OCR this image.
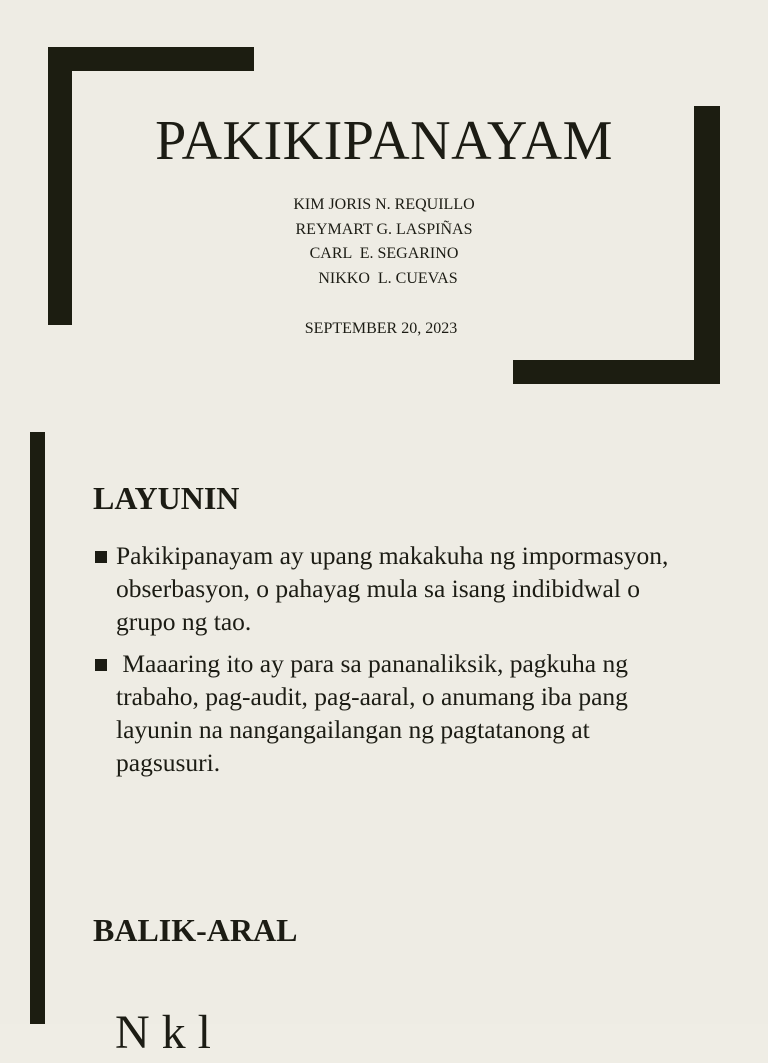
PAKIKIPANAYAM
KIM JORIS N. REQUILLO
REYMART G. LASPIÑAS
CARL  E. SEGARINO
NIKKO  L. CUEVAS
SEPTEMBER 20, 2023
LAYUNIN
Pakikipanayam ay upang makakuha ng impormasyon, obserbasyon, o pahayag mula sa isang indibidwal o grupo ng tao.
Maaaring ito ay para sa pananaliksik, pagkuha ng trabaho, pag-audit, pag-aaral, o anumang iba pang layunin na nangangailangan ng pagtatanong at pagsusuri.
BALIK-ARAL
N k l
